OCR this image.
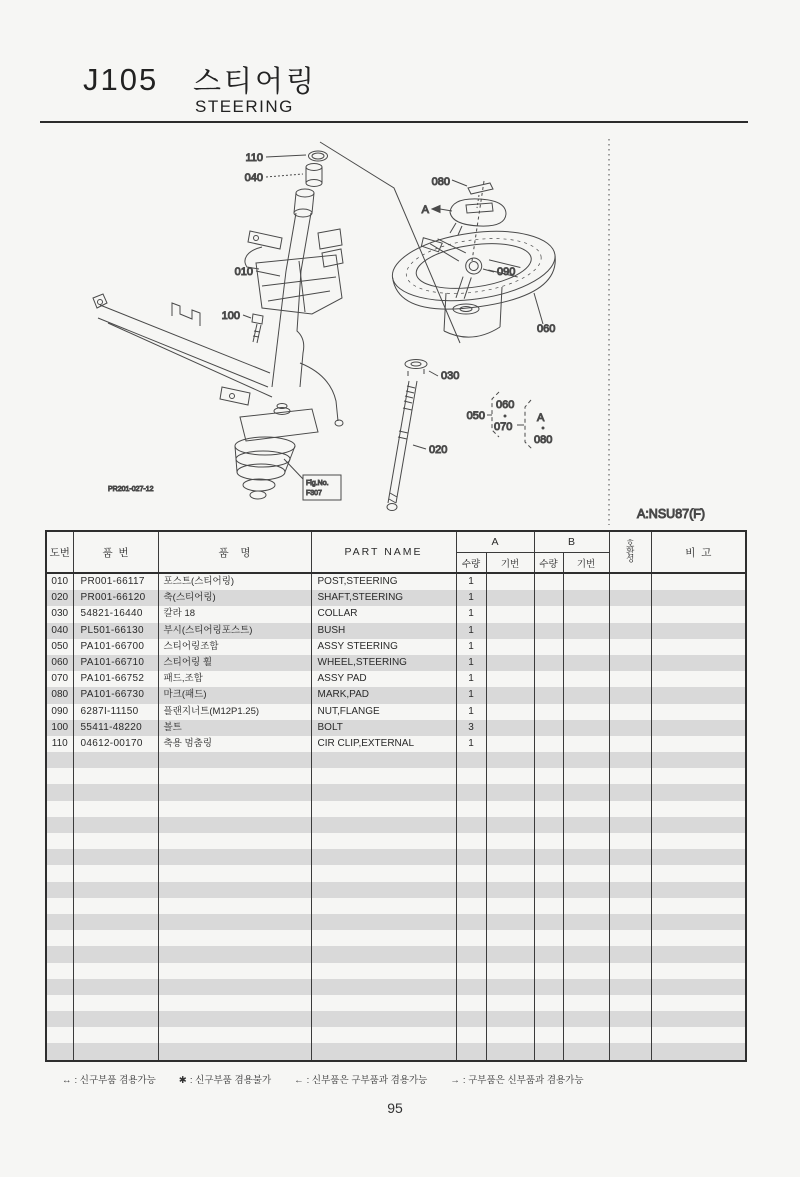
J105 스티어링
STEERING
110
040
010
100
080
A
090
060
030
020
050
060
070
A
080
PR201-027-12
Fig.No.
F307
A:NSU87(F)
도번	품  번	품    명	PART NAME	A		B		호환성	비  고
				수량	기번	수량	기번		
010	PR001-66117	포스트(스티어링)	POST,STEERING	1					
020	PR001-66120	축(스티어링)	SHAFT,STEERING	1					
030	54821-16440	칼라 18	COLLAR	1					
040	PL501-66130	부시(스티어링포스트)	BUSH	1					
050	PA101-66700	스티어링조합	ASSY STEERING	1					
060	PA101-66710	스티어링 휠	WHEEL,STEERING	1					
070	PA101-66752	패드,조합	ASSY PAD	1					
080	PA101-66730	마크(패드)	MARK,PAD	1					
090	6287I-11150	플랜지너트(M12P1.25)	NUT,FLANGE	1					
100	55411-48220	볼트	BOLT	3					
110	04612-00170	축용 멈춤링	CIR CLIP,EXTERNAL	1					

↔ : 신구부품 겸용가능 ✱ : 신구부품 겸용불가 ← : 신부품은 구부품과 겸용가능 → : 구부품은 신부품과 겸용가능
95
